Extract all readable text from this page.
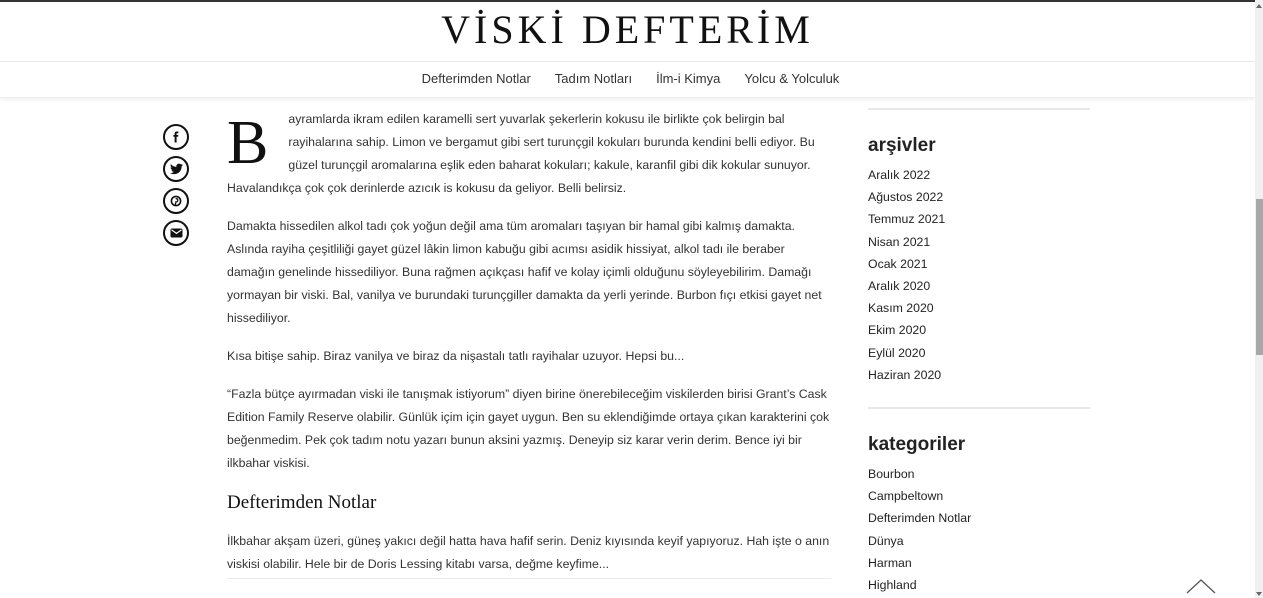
VİSKİ DEFTERİM
Defterimden Notlar	Tadım Notları	İlm-i Kimya	Yolcu & Yolculuk

B ayramlarda ikram edilen karamelli sert yuvarlak şekerlerin kokusu ile birlikte çok belirgin bal rayihalarına sahip. Limon ve bergamut gibi sert turunçgil kokuları burunda kendini belli ediyor. Bu güzel turunçgil aromalarına eşlik eden baharat kokuları; kakule, karanfil gibi dik kokular sunuyor. Havalandıkça çok çok derinlerde azıcık is kokusu da geliyor. Belli belirsiz.

Damakta hissedilen alkol tadı çok yoğun değil ama tüm aromaları taşıyan bir hamal gibi kalmış damakta. Aslında rayiha çeşitliliği gayet güzel lâkin limon kabuğu gibi acımsı asidik hissiyat, alkol tadı ile beraber damağın genelinde hissediliyor. Buna rağmen açıkçası hafif ve kolay içimli olduğunu söyleyebilirim. Damağı yormayan bir viski. Bal, vanilya ve burundaki turunçgiller damakta da yerli yerinde. Burbon fıçı etkisi gayet net hissediliyor.

Kısa bitişe sahip. Biraz vanilya ve biraz da nişastalı tatlı rayihalar uzuyor. Hepsi bu...

“Fazla bütçe ayırmadan viski ile tanışmak istiyorum” diyen birine önerebileceğim viskilerden birisi Grant’s Cask Edition Family Reserve olabilir. Günlük içim için gayet uygun. Ben su eklendiğimde ortaya çıkan karakterini çok beğenmedim. Pek çok tadım notu yazarı bunun aksini yazmış. Deneyip siz karar verin derim. Bence iyi bir ilkbahar viskisi.

Defterimden Notlar

İlkbahar akşam üzeri, güneş yakıcı değil hatta hava hafif serin. Deniz kıyısında keyif yapıyoruz. Hah işte o anın viskisi olabilir. Hele bir de Doris Lessing kitabı varsa, değme keyfime...

arşivler
Aralık 2022
Ağustos 2022
Temmuz 2021
Nisan 2021
Ocak 2021
Aralık 2020
Kasım 2020
Ekim 2020
Eylül 2020
Haziran 2020
kategoriler
Bourbon
Campbeltown
Defterimden Notlar
Dünya
Harman
Highland
